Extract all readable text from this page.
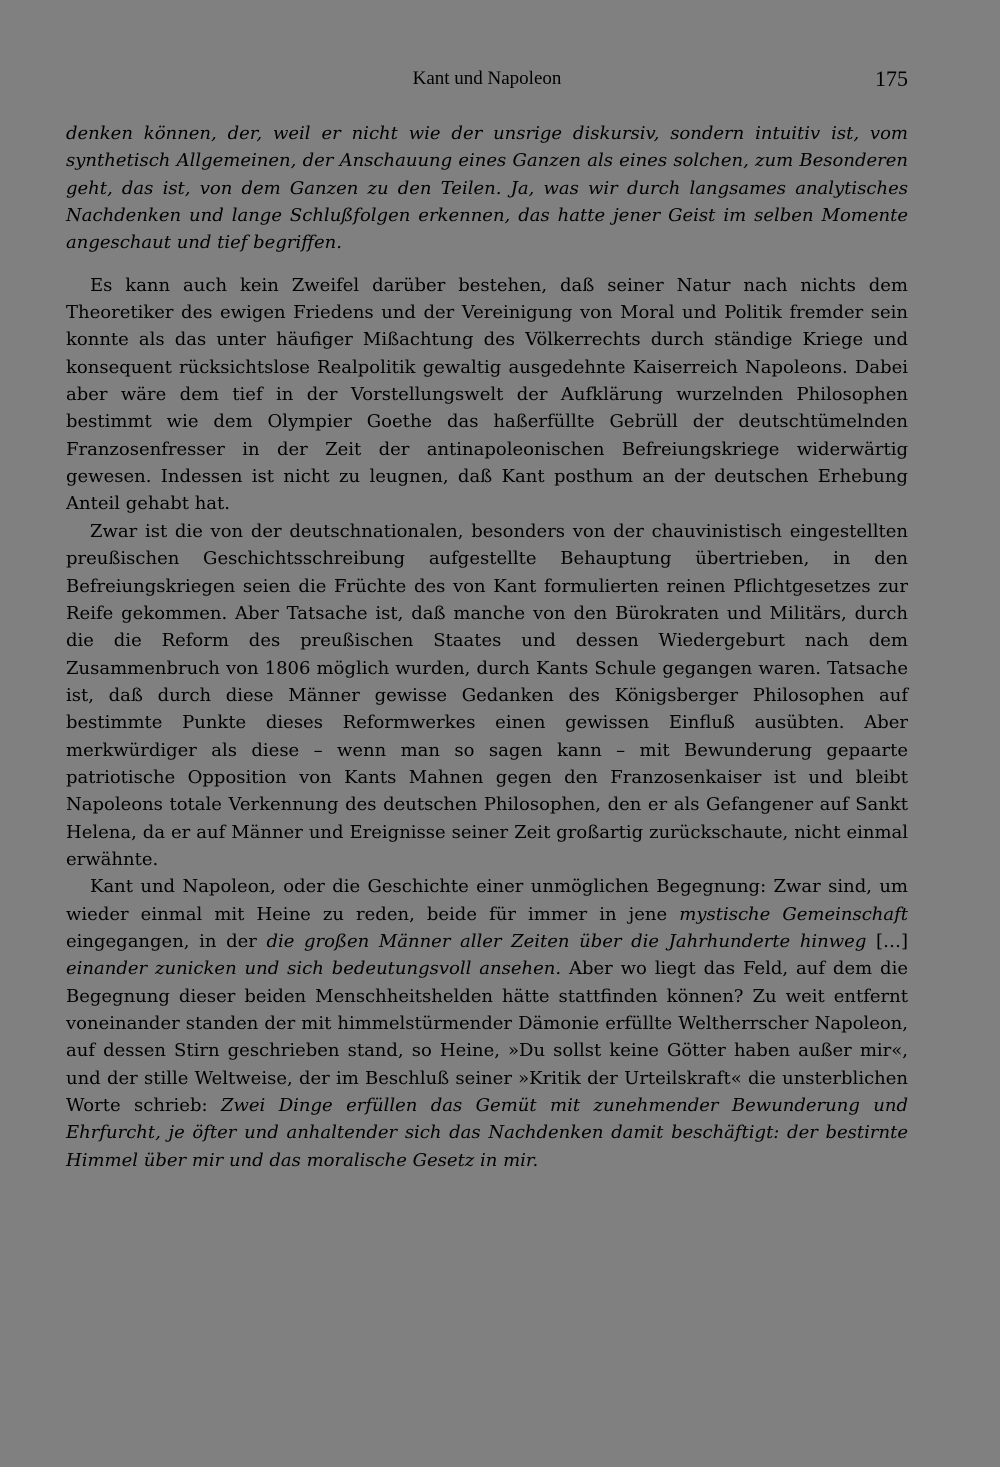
Kant und Napoleon	175

denken können, der, weil er nicht wie der unsrige diskursiv, sondern intuitiv ist, vom synthetisch Allgemeinen, der Anschauung eines Ganzen als eines solchen, zum Besonderen geht, das ist, von dem Ganzen zu den Teilen. Ja, was wir durch langsames analytisches Nachdenken und lange Schlußfolgen erkennen, das hatte jener Geist im selben Momente angeschaut und tief begriffen.

Es kann auch kein Zweifel darüber bestehen, daß seiner Natur nach nichts dem Theoretiker des ewigen Friedens und der Vereinigung von Moral und Politik fremder sein konnte als das unter häufiger Mißachtung des Völkerrechts durch ständige Kriege und konsequent rücksichtslose Realpolitik gewaltig ausgedehnte Kaiserreich Napoleons. Dabei aber wäre dem tief in der Vorstellungswelt der Aufklärung wurzelnden Philosophen bestimmt wie dem Olympier Goethe das haßerfüllte Gebrüll der deutschtümelnden Franzosenfresser in der Zeit der antinapoleonischen Befreiungskriege widerwärtig gewesen. Indessen ist nicht zu leugnen, daß Kant posthum an der deutschen Erhebung Anteil gehabt hat.

Zwar ist die von der deutschnationalen, besonders von der chauvinistisch eingestellten preußischen Geschichtsschreibung aufgestellte Behauptung übertrieben, in den Befreiungskriegen seien die Früchte des von Kant formulierten reinen Pflichtgesetzes zur Reife gekommen. Aber Tatsache ist, daß manche von den Bürokraten und Militärs, durch die die Reform des preußischen Staates und dessen Wiedergeburt nach dem Zusammenbruch von 1806 möglich wurden, durch Kants Schule gegangen waren. Tatsache ist, daß durch diese Männer gewisse Gedanken des Königsberger Philosophen auf bestimmte Punkte dieses Reformwerkes einen gewissen Einfluß ausübten. Aber merkwürdiger als diese – wenn man so sagen kann – mit Bewunderung gepaarte patriotische Opposition von Kants Mahnen gegen den Franzosenkaiser ist und bleibt Napoleons totale Verkennung des deutschen Philosophen, den er als Gefangener auf Sankt Helena, da er auf Männer und Ereignisse seiner Zeit großartig zurückschaute, nicht einmal erwähnte.

Kant und Napoleon, oder die Geschichte einer unmöglichen Begegnung: Zwar sind, um wieder einmal mit Heine zu reden, beide für immer in jene mystische Gemeinschaft eingegangen, in der die großen Männer aller Zeiten über die Jahrhunderte hinweg […] einander zunicken und sich bedeutungsvoll ansehen. Aber wo liegt das Feld, auf dem die Begegnung dieser beiden Menschheitshelden hätte stattfinden können? Zu weit entfernt voneinander standen der mit himmelstürmender Dämonie erfüllte Weltherrscher Napoleon, auf dessen Stirn geschrieben stand, so Heine, »Du sollst keine Götter haben außer mir«, und der stille Weltweise, der im Beschluß seiner »Kritik der Urteilskraft« die unsterblichen Worte schrieb: Zwei Dinge erfüllen das Gemüt mit zunehmender Bewunderung und Ehrfurcht, je öfter und anhaltender sich das Nachdenken damit beschäftigt: der bestirnte Himmel über mir und das moralische Gesetz in mir.
